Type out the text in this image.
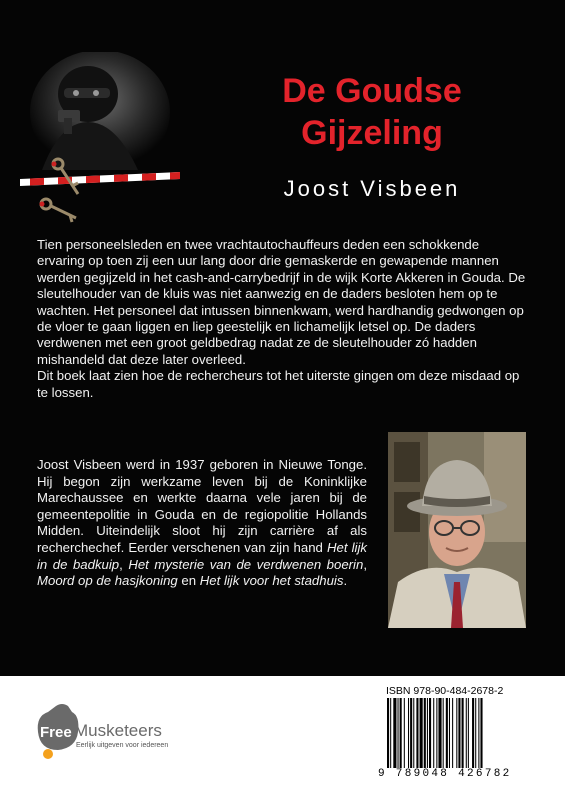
De Goudse
Gijzeling
Joost Visbeen

Tien personeelsleden en twee vrachtautochauffeurs deden een schokkende ervaring op toen zij een uur lang door drie gemaskerde en gewapende mannen werden gegijzeld in het cash-and-carrybedrijf in de wijk Korte Akkeren in Gouda. De sleutelhouder van de kluis was niet aanwezig en de daders besloten hem op te wachten. Het personeel dat intussen binnenkwam, werd hardhandig gedwongen op de vloer te gaan liggen en liep geestelijk en lichamelijk letsel op. De daders verdwenen met een groot geldbedrag nadat ze de sleutelhouder zó hadden mishandeld dat deze later overleed.

Dit boek laat zien hoe de rechercheurs tot het uiterste gingen om deze misdaad op te lossen.

Joost Visbeen werd in 1937 geboren in Nieuwe Tonge. Hij begon zijn werkzame leven bij de Koninklijke Marechaussee en werkte daarna vele jaren bij de gemeentepolitie in Gouda en de regiopolitie Hollands Midden. Uiteindelijk sloot hij zijn carrière af als recherchechef. Eerder verschenen van zijn hand Het lijk in de badkuip, Het mysterie van de verdwenen boerin, Moord op de hasjkoning en Het lijk voor het stadhuis.

Free Musketeers
Eerlijk uitgeven voor iedereen
ISBN 978-90-484-2678-2
9 789048 426782
